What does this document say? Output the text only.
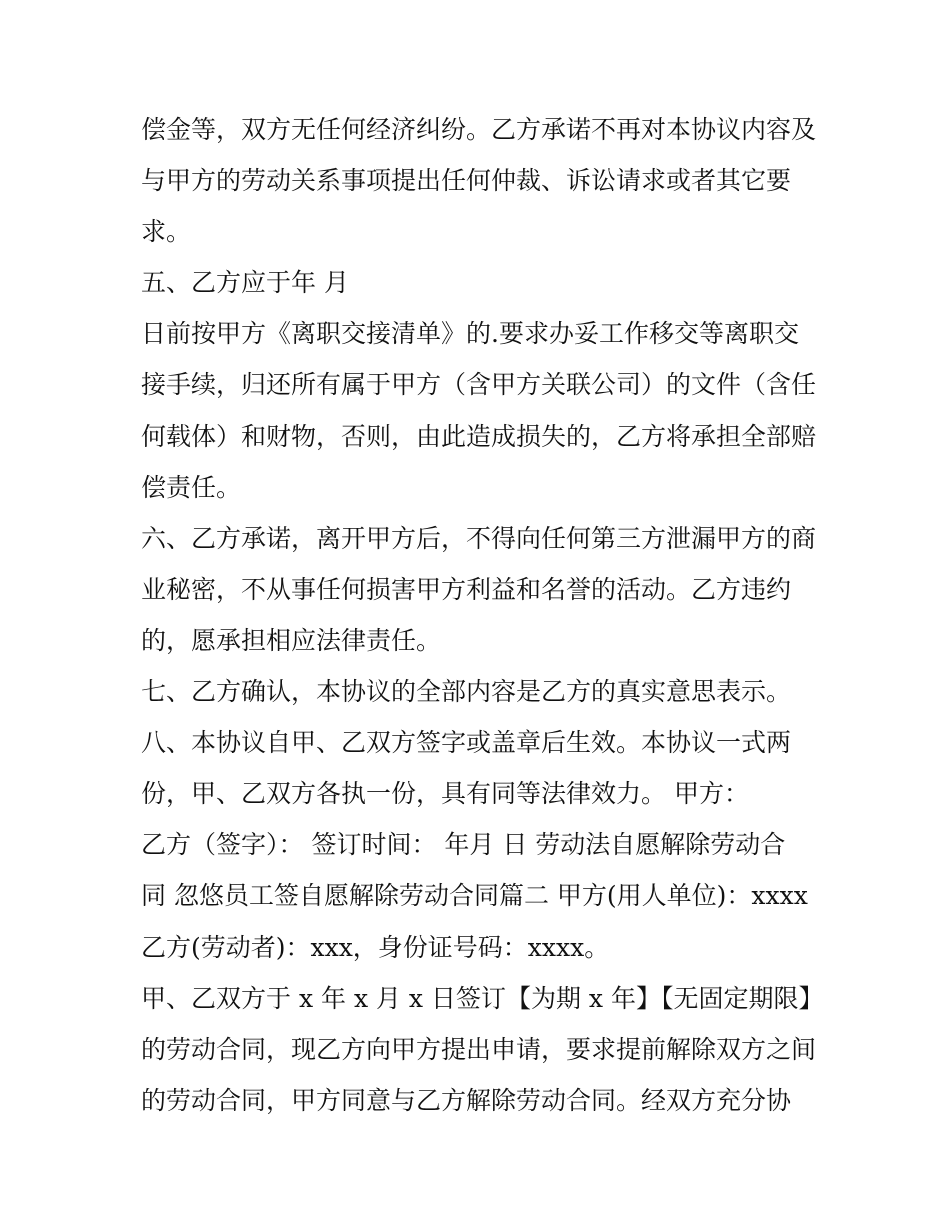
偿金等，双方无任何经济纠纷。乙方承诺不再对本协议内容及
与甲方的劳动关系事项提出任何仲裁、诉讼请求或者其它要
求。
五、乙方应于年 月
日前按甲方《离职交接清单》的.要求办妥工作移交等离职交
接手续，归还所有属于甲方（含甲方关联公司）的文件（含任
何载体）和财物，否则，由此造成损失的，乙方将承担全部赔
偿责任。
六、乙方承诺，离开甲方后，不得向任何第三方泄漏甲方的商
业秘密，不从事任何损害甲方利益和名誉的活动。乙方违约
的，愿承担相应法律责任。
七、乙方确认，本协议的全部内容是乙方的真实意思表示。
八、本协议自甲、乙双方签字或盖章后生效。本协议一式两
份，甲、乙双方各执一份，具有同等法律效力。 甲方：
乙方（签字）： 签订时间： 年月 日 劳动法自愿解除劳动合
同 忽悠员工签自愿解除劳动合同篇二 甲方(用人单位)：xxxx
乙方(劳动者)：xxx，身份证号码：xxxx。
甲、乙双方于 x 年 x 月 x 日签订【为期 x 年】【无固定期限】
的劳动合同，现乙方向甲方提出申请，要求提前解除双方之间
的劳动合同，甲方同意与乙方解除劳动合同。经双方充分协
